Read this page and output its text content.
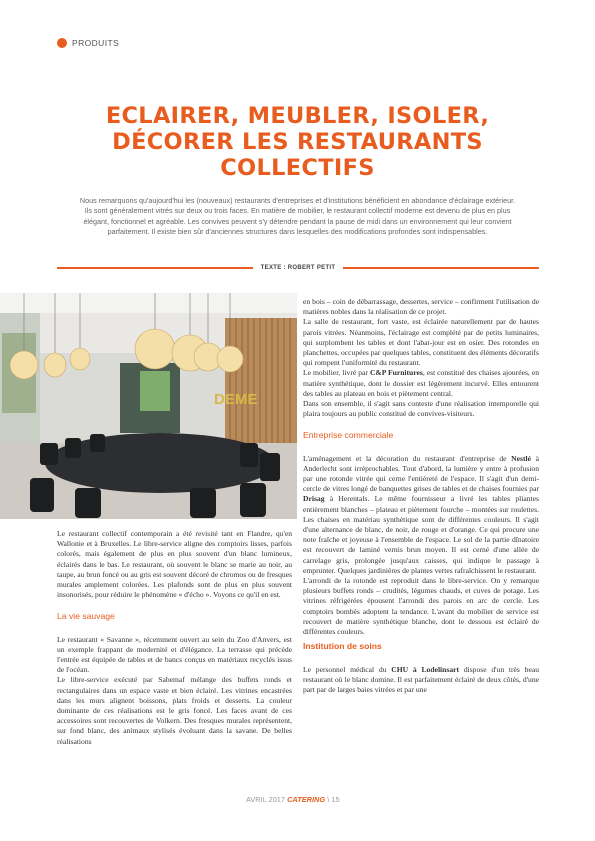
PRODUITS
ECLAIRER, MEUBLER, ISOLER,
DÉCORER LES RESTAURANTS
COLLECTIFS

Nous remarquons qu'aujourd'hui les (nouveaux) restaurants d'entreprises et d'institutions bénéficient en abondance d'éclairage extérieur. Ils sont généralement vitrés sur deux ou trois faces. En matière de mobilier, le restaurant collectif moderne est devenu de plus en plus élégant, fonctionnel et agréable. Les convives peuvent s'y détendre pendant la pause de midi dans un environnement qui leur convient parfaitement. Il existe bien sûr d'anciennes structures dans lesquelles des modifications profondes sont indispensables.

TEXTE : ROBERT PETIT
DEME

Le restaurant collectif contemporain a été revisité tant en Flandre, qu'en Wallonie et à Bruxelles. Le libre-service aligne des comptoirs lisses, parfois colorés, mais également de plus en plus souvent d'un blanc lumineux, éclairés dans le bas. Le restaurant, où souvent le blanc se marie au noir, au taupe, au brun foncé ou au gris est souvent décoré de chromos ou de fresques murales amplement colorées. Les plafonds sont de plus en plus souvent insonorisés, pour réduire le phénomène « d'écho ». Voyons ce qu'il en est.

La vie sauvage

Le restaurant « Savanne », récemment ouvert au sein du Zoo d'Anvers, est un exemple frappant de modernité et d'élégance. La terrasse qui précède l'entrée est équipée de tables et de bancs conçus en matériaux recyclés issus de l'océan.

Le libre-service exécuté par Sabemaf mélange des buffets ronds et rectangulaires dans un espace vaste et bien éclairé. Les vitrines encastrées dans les murs alignent boissons, plats froids et desserts. La couleur dominante de ces réalisations est le gris foncé. Les faces avant de ces accessoires sont recouvertes de Volkern. Des fresques murales représentent, sur fond blanc, des animaux stylisés évoluant dans la savane. De belles réalisations

en bois – coin de débarrassage, dessertes, service – confirment l'utilisation de matières nobles dans la réalisation de ce projet.

La salle de restaurant, fort vaste, est éclairée naturellement par de hautes parois vitrées. Néanmoins, l'éclairage est complété par de petits luminaires, qui surplombent les tables et dont l'abat-jour est en osier. Des rotondes en planchettes, occupées par quelques tables, constituent des éléments décoratifs qui rompent l'uniformité du restaurant.

Le mobilier, livré par C&P Furnitures, est constitué des chaises ajourées, en matière synthétique, dont le dossier est légèrement incurvé. Elles entourent des tables au plateau en bois et piètement central.

Dans son ensemble, il s'agit sans conteste d'une réalisation intemporelle qui plaira toujours au public constitué de convives-visiteurs.

Entreprise commerciale

L'aménagement et la décoration du restaurant d'entreprise de Nestlé à Anderlecht sont irréprochables. Tout d'abord, la lumière y entre à profusion par une rotonde vitrée qui cerne l'entièreté de l'espace. Il s'agit d'un demi-cercle de vitres longé de banquettes grises de tables et de chaises fournies par Drisag à Herentals. Le même fournisseur a livré les tables pliantes entièrement blanches – plateau et piètement fourche – montées sur roulettes. Les chaises en matériau synthétique sont de différentes couleurs. Il s'agit d'une alternance de blanc, de noir, de rouge et d'orange. Ce qui procure une note fraîche et joyeuse à l'ensemble de l'espace. Le sol de la partie dînatoire est recouvert de laminé vernis brun moyen. Il est cerné d'une allée de carrelage gris, prolongée jusqu'aux caisses, qui indique le passage à emprunter. Quelques jardinières de plantes vertes rafraîchissent le restaurant.

L'arrondi de la rotonde est reproduit dans le libre-service. On y remarque plusieurs buffets ronds – crudités, légumes chauds, et cuves de potage. Les vitrines réfrigérées épousent l'arrondi des parois en arc de cercle. Les comptoirs bombés adoptent la tendance. L'avant du mobilier de service est recouvert de matière synthétique blanche, dont le dessous est éclairé de différentes couleurs.

Institution de soins

Le personnel médical du CHU à Lodelinsart dispose d'un très beau restaurant où le blanc domine. Il est parfaitement éclairé de deux côtés, d'une part par de larges baies vitrées et par une

AVRIL 2017 CATERING \ 15
